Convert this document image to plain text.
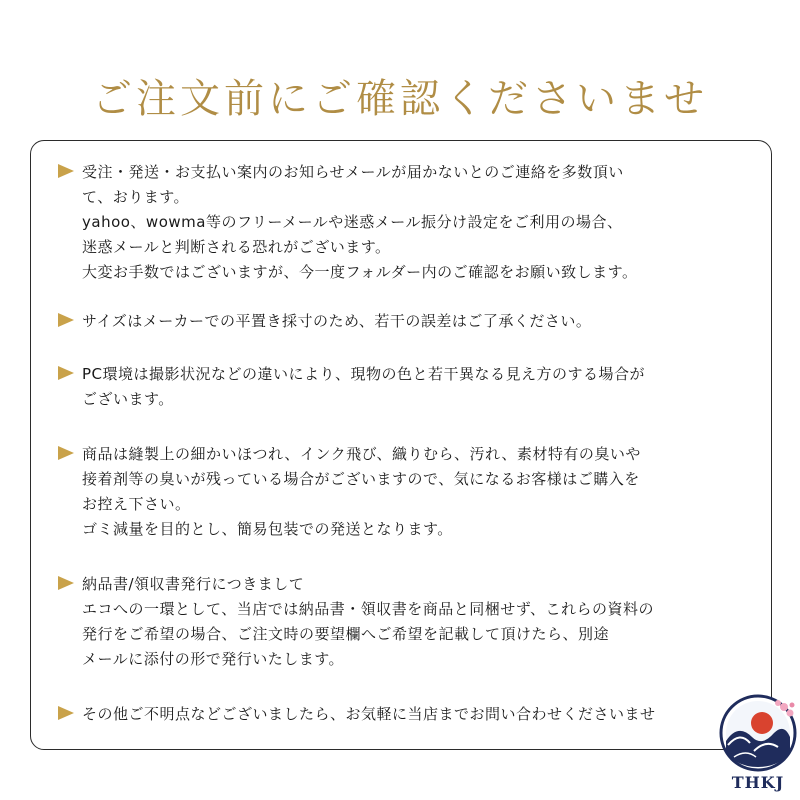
ご注文前にご確認くださいませ
受注・発送・お支払い案内のお知らせメールが届かないとのご連絡を多数頂い
て、おります。
yahoo、wowma等のフリーメールや迷惑メール振分け設定をご利用の場合、
迷惑メールと判断される恐れがございます。
大変お手数ではございますが、今一度フォルダー内のご確認をお願い致します。
サイズはメーカーでの平置き採寸のため、若干の誤差はご了承ください。
PC環境は撮影状況などの違いにより、現物の色と若干異なる見え方のする場合が
ございます。
商品は縫製上の細かいほつれ、インク飛び、織りむら、汚れ、素材特有の臭いや
接着剤等の臭いが残っている場合がございますので、気になるお客様はご購入を
お控え下さい。
ゴミ減量を目的とし、簡易包装での発送となります。
納品書/領収書発行につきまして
エコへの一環として、当店では納品書・領収書を商品と同梱せず、これらの資料の
発行をご希望の場合、ご注文時の要望欄へご希望を記載して頂けたら、別途
メールに添付の形で発行いたします。
その他ご不明点などございましたら、お気軽に当店までお問い合わせくださいませ
THKJ
